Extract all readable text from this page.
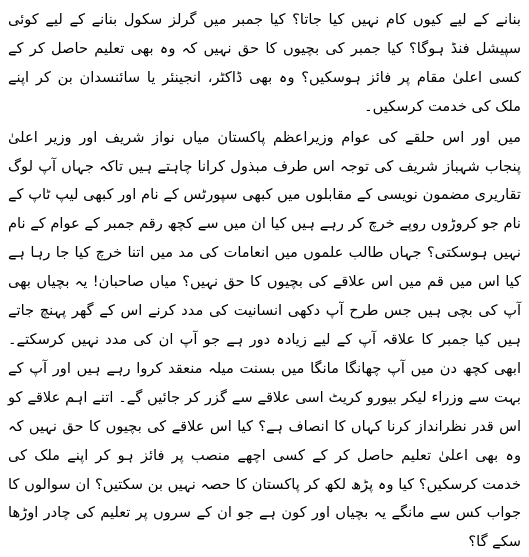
بنانے کے لیے کیوں کام نہیں کیا جاتا؟ کیا جمبر میں گرلز سکول بنانے کے لیے کوئی سپیشل فنڈ ہوگا؟ کیا جمبر کی بچیوں کا حق نہیں کہ وہ بھی تعلیم حاصل کر کے کسی اعلیٰ مقام پر فائز ہوسکیں؟ وہ بھی ڈاکٹر، انجینئر یا سائنسدان بن کر اپنے ملک کی خدمت کرسکیں۔

میں اور اس حلقے کی عوام وزیراعظم پاکستان میاں نواز شریف اور وزیر اعلیٰ پنجاب شہباز شریف کی توجہ اس طرف مبذول کرانا چاہتے ہیں تاکہ جہاں آپ لوگ تقاریری مضمون نویسی کے مقابلوں میں کبھی سپورٹس کے نام اور کبھی لیپ ٹاپ کے نام جو کروڑوں روپے خرچ کر رہے ہیں کیا ان میں سے کچھ رقم جمبر کے عوام کے نام نہیں ہوسکتی؟ جہاں طالب علموں میں انعامات کی مد میں اتنا خرچ کیا جا رہا ہے کیا اس میں قم میں اس علاقے کی بچیوں کا حق نہیں؟ میاں صاحبان! یہ بچیاں بھی آپ کی بچی ہیں جس طرح آپ دکھی انسانیت کی مدد کرنے اس کے گھر پہنچ جاتے ہیں کیا جمبر کا علاقہ آپ کے لیے زیادہ دور ہے جو آپ ان کی مدد نہیں کرسکتے۔ ابھی کچھ دن میں آپ چھانگا مانگا میں بسنت میلہ منعقد کروا رہے ہیں اور آپ کے بہت سے وزراء لیکر بیورو کریٹ اسی علاقے سے گزر کر جائیں گے۔ اتنے اہم علاقے کو اس قدر نظرانداز کرنا کہاں کا انصاف ہے؟ کیا اس علاقے کی بچیوں کا حق نہیں کہ وہ بھی اعلیٰ تعلیم حاصل کر کے کسی اچھے منصب پر فائز ہو کر اپنے ملک کی خدمت کرسکیں؟ کیا وہ پڑھ لکھ کر پاکستان کا حصہ نہیں بن سکتیں؟ ان سوالوں کا جواب کس سے مانگے یہ بچیاں اور کون ہے جو ان کے سروں پر تعلیم کی چادر اوڑھا سکے گا؟
